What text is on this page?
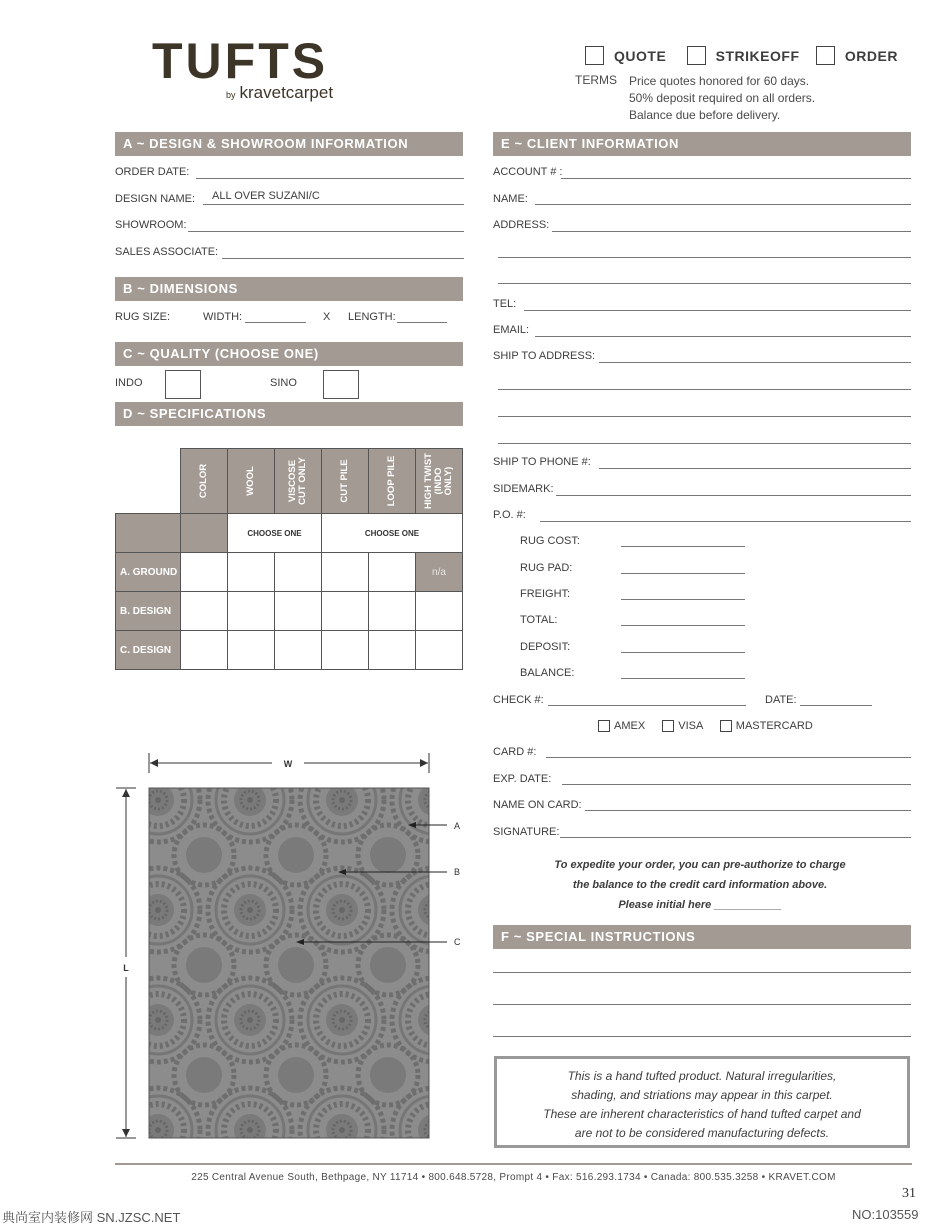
TUFTS
by kravetcarpet
QUOTE
	STRIKEOFF
	ORDER
TERMS Price quotes honored for 60 days.
50% deposit required on all orders.
Balance due before delivery.
A ~ DESIGN & SHOWROOM INFORMATION
ORDER DATE:
DESIGN NAME: ALL OVER SUZANI/C
SHOWROOM:
SALES ASSOCIATE:
B ~ DIMENSIONS
RUG SIZE:	WIDTH:	X LENGTH:
C ~ QUALITY (CHOOSE ONE)
INDO	SINO
D ~ SPECIFICATIONS

	COLOR	WOOL	VISCOSE CUT ONLY	CUT PILE	LOOP PILE	HIGH TWIST (INDO ONLY)

		CHOOSE ONE		CHOOSE ONE		
A. GROUND						n/a
B. DESIGN						
C. DESIGN						
W
L
A
B
C
E ~ CLIENT INFORMATION
ACCOUNT # :
NAME:
ADDRESS:
TEL:
EMAIL:
SHIP TO ADDRESS:
SHIP TO PHONE #:
SIDEMARK:
P.O. #:
RUG COST:
RUG PAD:
FREIGHT:
TOTAL:
DEPOSIT:
BALANCE:
CHECK #:	DATE:
AMEX	VISA	MASTERCARD
CARD #:
EXP. DATE:
NAME ON CARD:
SIGNATURE:
To expedite your order, you can pre-authorize to charge
the balance to the credit card information above.
Please initial here ___________
F ~ SPECIAL INSTRUCTIONS
This is a hand tufted product. Natural irregularities,
shading, and striations may appear in this carpet.
These are inherent characteristics of hand tufted carpet and
are not to be considered manufacturing defects.
225 Central Avenue South, Bethpage, NY 11714 • 800.648.5728, Prompt 4 • Fax: 516.293.1734 • Canada: 800.535.3258 • KRAVET.COM
31
典尚室内装修网 SN.JZSC.NET	NO:103559
